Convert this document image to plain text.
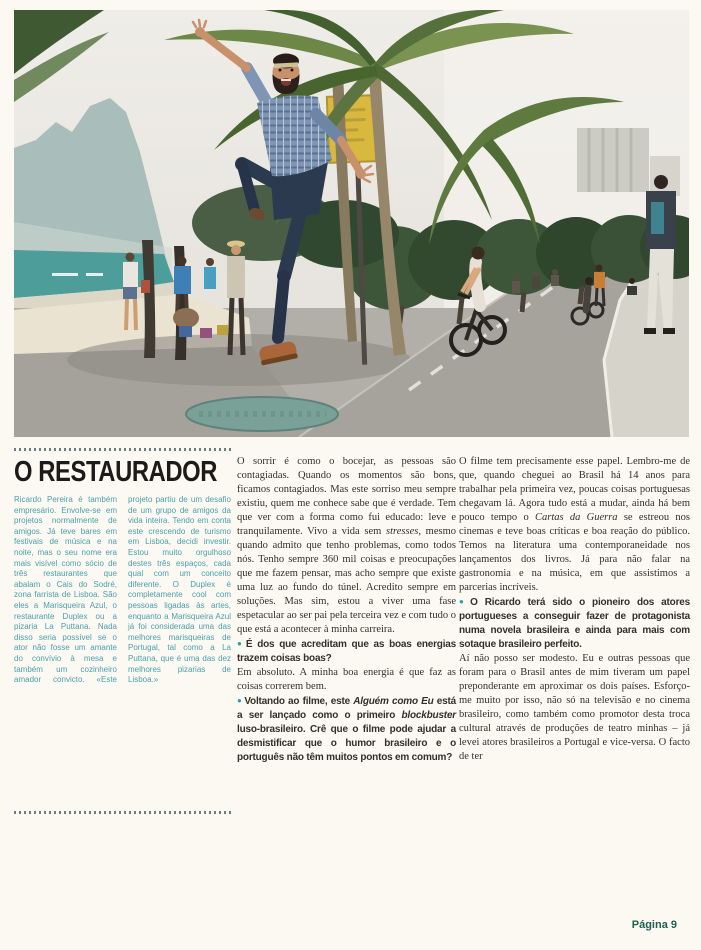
O RESTAURADOR
Ricardo Pereira é também empresário. Envolve-se em projetos normalmente de amigos. Já teve bares em festivais de música e na noite, mas o seu nome era mais visível como sócio de três restaurantes que abalam o Cais do Sodré, zona farrista de Lisboa. São eles a Marisqueira Azul, o restaurante Duplex ou a pizaria La Puttana. Nada disso seria possível se o ator não fosse um amante do convívio à mesa e também um cozinheiro amador convicto. «Este projeto partiu de um desafio de um grupo de amigos da vida inteira. Tendo em conta este crescendo de turismo em Lisboa, decidi investir. Estou muito orgulhoso destes três espaços, cada qual com um conceito diferente. O Duplex é completamente cool com pessoas ligadas às artes, enquanto a Marisqueira Azul já foi considerada uma das melhores marisqueiras de Portugal, tal como a La Puttana, que é uma das dez melhores pizarias de Lisboa.»

O sorrir é como o bocejar, as pessoas são contagiadas. Quando os momentos são bons, ficamos contagiados. Mas este sorriso meu sempre existiu, quem me conhece sabe que é verdade. Tem que ver com a forma como fui educado: leve e tranquilamente. Vivo a vida sem stresses, mesmo quando admito que tenho problemas, como todos nós. Tenho sempre 360 mil coisas e preocupações que me fazem pensar, mas acho sempre que existe uma luz ao fundo do túnel. Acredito sempre em soluções. Mas sim, estou a viver uma fase espetacular ao ser pai pela terceira vez e com tudo o que está a acontecer à minha carreira.

● É dos que acreditam que as boas energias trazem coisas boas?

Em absoluto. A minha boa energia é que faz as coisas correrem bem.

● Voltando ao filme, este Alguém como Eu está a ser lançado como o primeiro blockbuster luso-brasileiro. Crê que o filme pode ajudar a desmistificar que o humor brasileiro e o português não têm muitos pontos em comum?

O filme tem precisamente esse papel. Lembro-me de que, quando cheguei ao Brasil há 14 anos para trabalhar pela primeira vez, poucas coisas portuguesas chegavam lá. Agora tudo está a mudar, ainda há bem pouco tempo o Cartas da Guerra se estreou nos cinemas e teve boas críticas e boa reação do público. Temos na literatura uma contemporaneidade nos lançamentos dos livros. Já para não falar na gastronomia e na música, em que assistimos a parcerias incríveis.

● O Ricardo terá sido o pioneiro dos atores portugueses a conseguir fazer de protagonista numa novela brasileira e ainda para mais com sotaque brasileiro perfeito.

Aí não posso ser modesto. Eu e outras pessoas que foram para o Brasil antes de mim tiveram um papel preponderante em aproximar os dois países. Esforço-me muito por isso, não só na televisão e no cinema brasileiro, como também como promotor desta troca cultural através de produções de teatro minhas – já levei atores brasileiros a Portugal e vice-versa. O facto de ter

Página 9
